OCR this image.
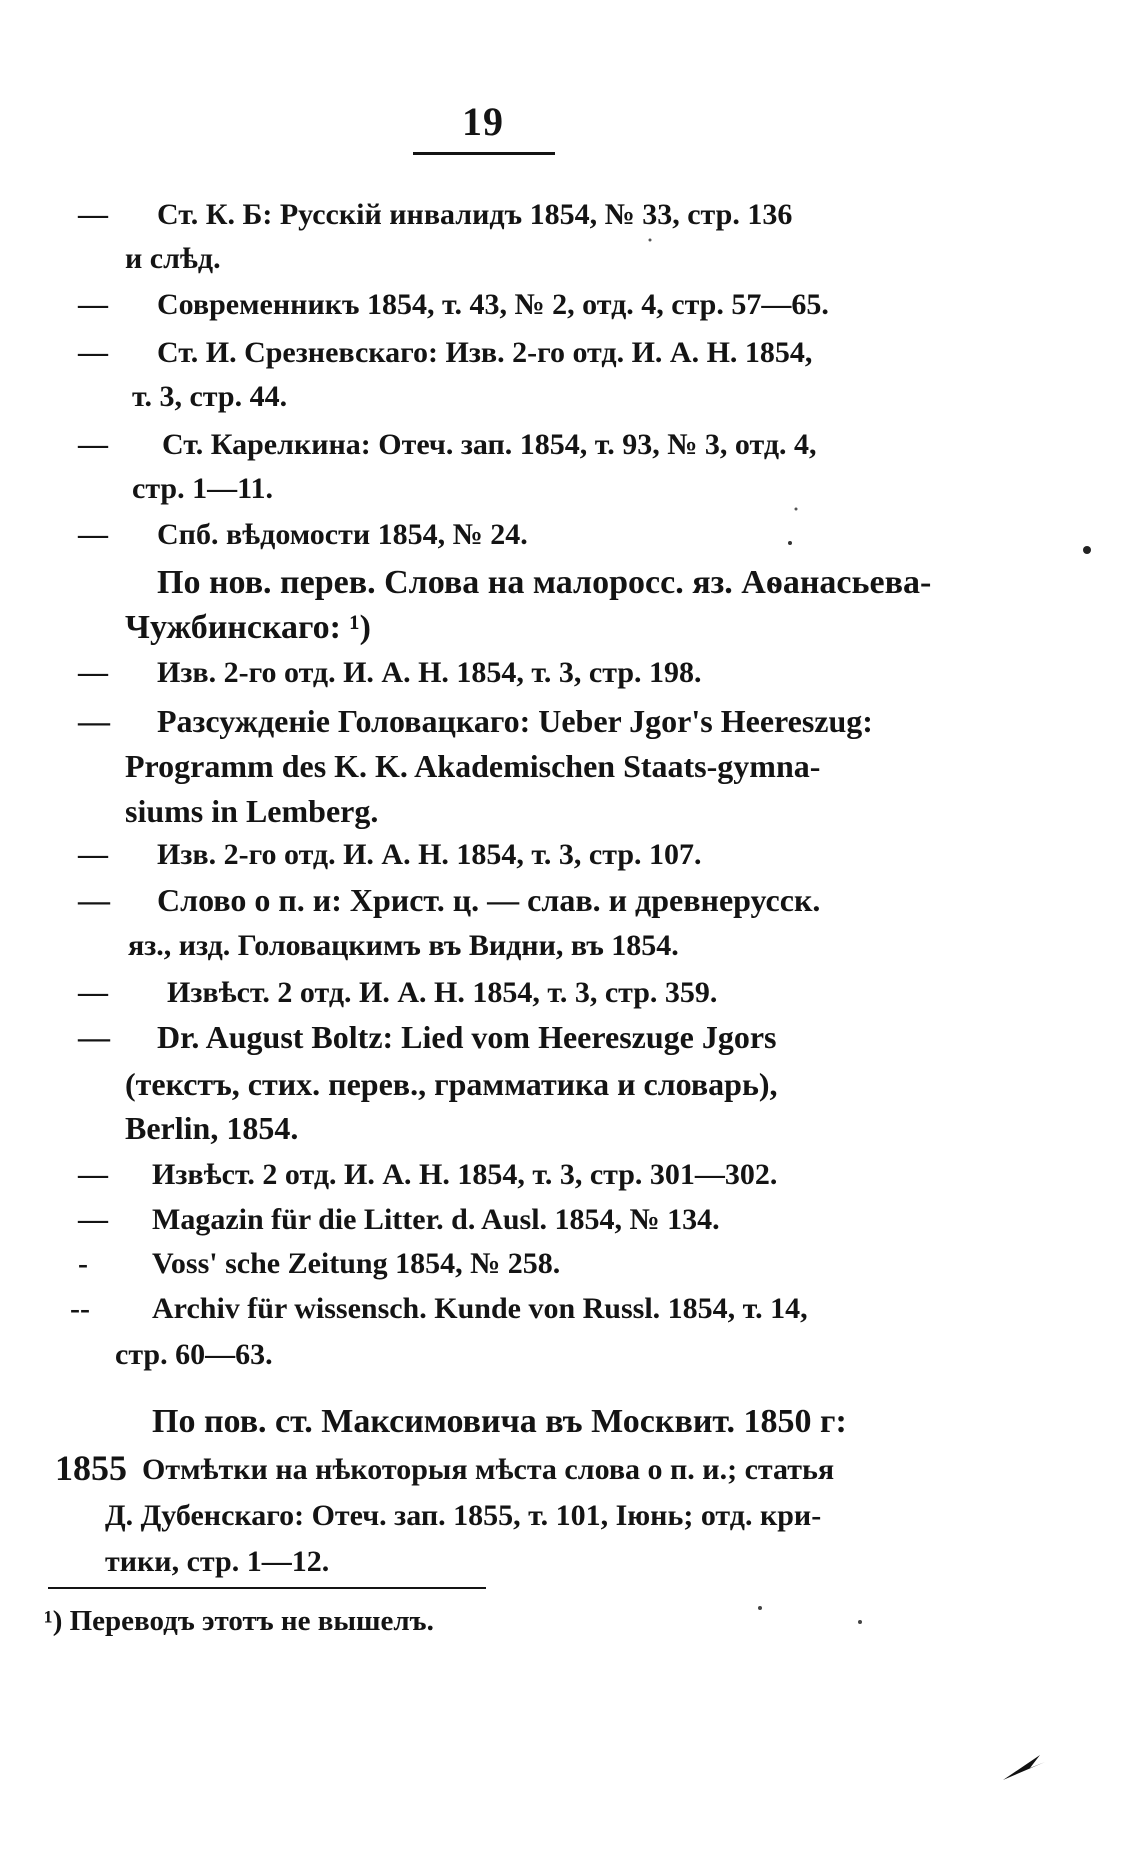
19
— Ст. К. Б: Русскій инвалидъ 1854, № 33, стр. 136
и слѣд.
— Современникъ 1854, т. 43, № 2, отд. 4, стр. 57—65.
— Ст. И. Срезневскаго: Изв. 2-го отд. И. А. Н. 1854,
т. 3, стр. 44.
— Ст. Карелкина: Отеч. зап. 1854, т. 93, № 3, отд. 4,
стр. 1—11.
— Спб. вѣдомости 1854, № 24.
По нов. перев. Слова на малоросс. яз. Аѳанасьева-
Чужбинскаго: ¹)
— Изв. 2-го отд. И. А. Н. 1854, т. 3, стр. 198.
— Разсужденіе Головацкаго: Ueber Jgor's Heereszug:
Programm des K. K. Akademischen Staats-gymna-
siums in Lemberg.
— Изв. 2-го отд. И. А. Н. 1854, т. 3, стр. 107.
— Слово о п. и: Христ. ц. — слав. и древнерусск.
яз., изд. Головацкимъ въ Видни, въ 1854.
— Извѣст. 2 отд. И. А. Н. 1854, т. 3, стр. 359.
— Dr. August Boltz: Lied vom Heereszuge Jgors
(текстъ, стих. перев., грамматика и словарь),
Berlin, 1854.
— Извѣст. 2 отд. И. А. Н. 1854, т. 3, стр. 301—302.
— Magazin für die Litter. d. Ausl. 1854, № 134.
- Voss' sche Zeitung 1854, № 258.
-- Archiv für wissensch. Kunde von Russl. 1854, т. 14,
стр. 60—63.
По пов. ст. Максимовича въ Москвит. 1850 г:
1855 Отмѣтки на нѣкоторыя мѣста слова о п. и.; статья
Д. Дубенскаго: Отеч. зап. 1855, т. 101, Іюнь; отд. кри-
тики, стр. 1—12.
¹) Переводъ этотъ не вышелъ.
